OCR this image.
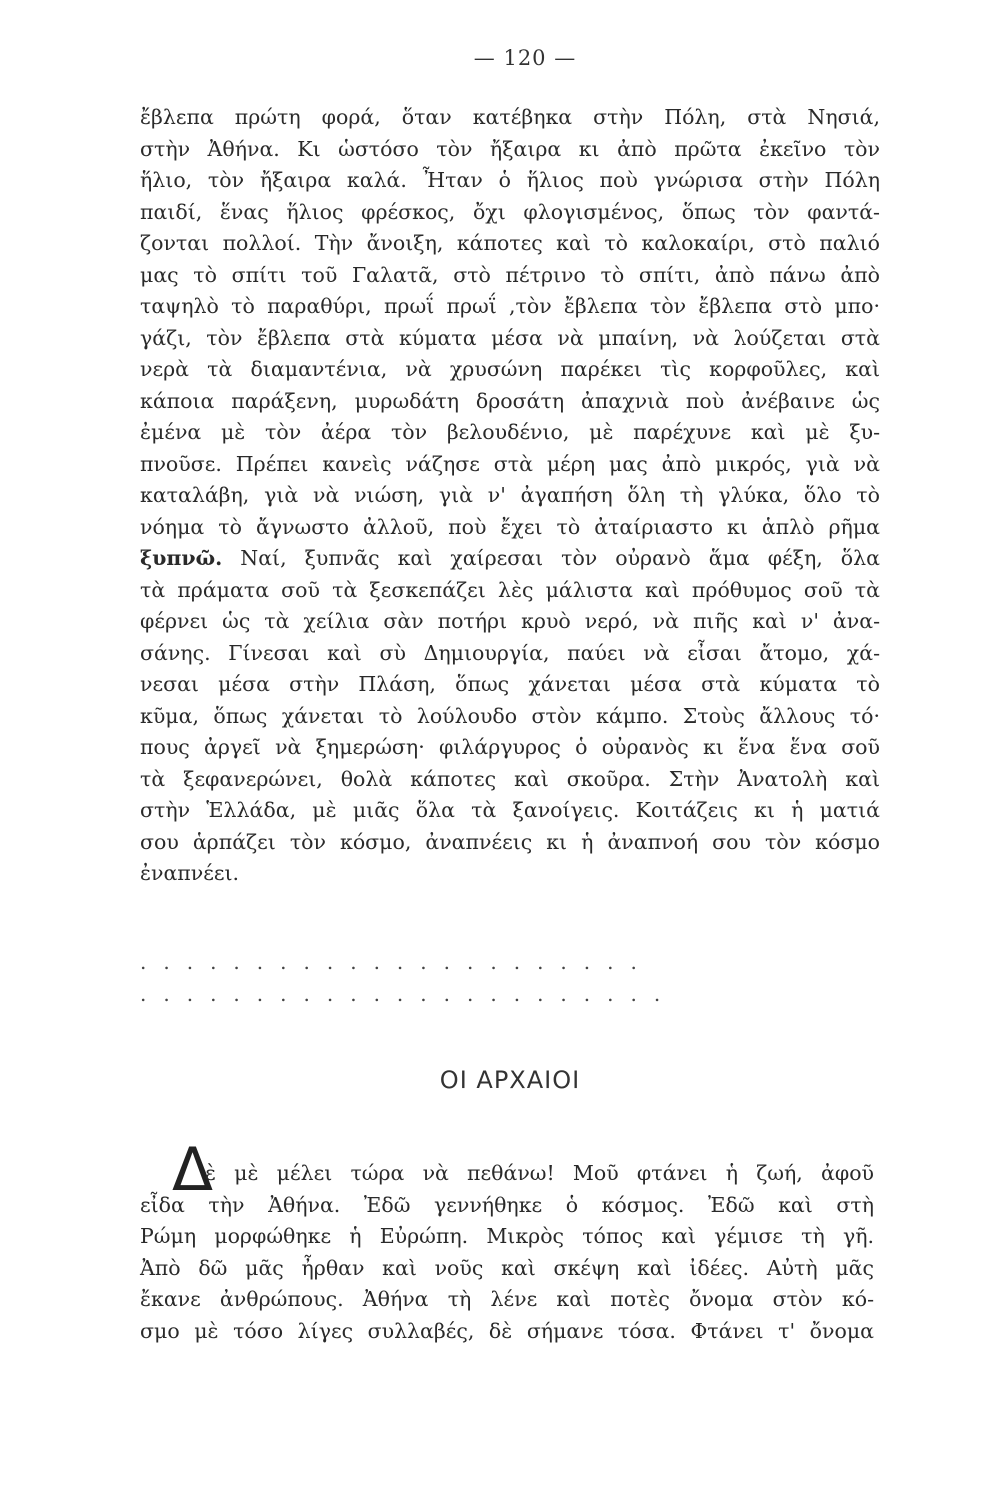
— 120 —
ἔβλεπα πρώτη φορά, ὅταν κατέβηκα στὴν Πόλη, στὰ Νησιά,
στὴν Ἀθήνα. Κι ὡστόσο τὸν ἤξαιρα κι ἀπὸ πρῶτα ἐκεῖνο τὸν
ἥλιο, τὸν ἤξαιρα καλά. Ἦταν ὁ ἥλιος ποὺ γνώρισα στὴν Πόλη
παιδί, ἕνας ἥλιος φρέσκος, ὄχι φλογισμένος, ὅπως τὸν φαντά-
ζονται πολλοί. Τὴν ἄνοιξη, κάποτες καὶ τὸ καλοκαίρι, στὸ παλιό
μας τὸ σπίτι τοῦ Γαλατᾶ, στὸ πέτρινο τὸ σπίτι, ἀπὸ πάνω ἀπὸ
ταψηλὸ τὸ παραθύρι, πρωΐ πρωΐ ,τὸν ἔβλεπα τὸν ἔβλεπα στὸ μπο·
γάζι, τὸν ἔβλεπα στὰ κύματα μέσα νὰ μπαίνη, νὰ λούζεται στὰ
νερὰ τὰ διαμαντένια, νὰ χρυσώνη παρέκει τὶς κορφοῦλες, καὶ
κάποια παράξενη, μυρωδάτη δροσάτη ἀπαχνιὰ ποὺ ἀνέβαινε ὡς
ἐμένα μὲ τὸν ἀέρα τὸν βελουδένιο, μὲ παρέχυνε καὶ μὲ ξυ-
πνοῦσε. Πρέπει κανεὶς νάζησε στὰ μέρη μας ἀπὸ μικρός, γιὰ νὰ
καταλάβη, γιὰ νὰ νιώση, γιὰ ν' ἀγαπήση ὅλη τὴ γλύκα, ὅλο τὸ
νόημα τὸ ἄγνωστο ἀλλοῦ, ποὺ ἔχει τὸ ἀταίριαστο κι ἁπλὸ ρῆμα
ξυπνῶ. Ναί, ξυπνᾶς καὶ χαίρεσαι τὸν οὐρανὸ ἅμα φέξη, ὅλα
τὰ πράματα σοῦ τὰ ξεσκεπάζει λὲς μάλιστα καὶ πρόθυμος σοῦ τὰ
φέρνει ὡς τὰ χείλια σὰν ποτήρι κρυὸ νερό, νὰ πιῆς καὶ ν' ἀνα-
σάνης. Γίνεσαι καὶ σὺ Δημιουργία, παύει νὰ εἶσαι ἄτομο, χά-
νεσαι μέσα στὴν Πλάση, ὅπως χάνεται μέσα στὰ κύματα τὸ
κῦμα, ὅπως χάνεται τὸ λούλουδο στὸν κάμπο. Στοὺς ἄλλους τό·
πους ἀργεῖ νὰ ξημερώση· φιλάργυρος ὁ οὐρανὸς κι ἕνα ἕνα σοῦ
τὰ ξεφανερώνει, θολὰ κάποτες καὶ σκοῦρα. Στὴν Ἀνατολὴ καὶ
στὴν Ἑλλάδα, μὲ μιᾶς ὅλα τὰ ξανοίγεις. Κοιτάζεις κι ἡ ματιά
σου ἁρπάζει τὸν κόσμο, ἀναπνέεις κι ἡ ἀναπνοή σου τὸν κόσμο
ἐναπνέει.
......................
.......................
ΟΙ ΑΡΧΑΙΟΙ
Δ
ὲ μὲ μέλει τώρα νὰ πεθάνω! Μοῦ φτάνει ἡ ζωή, ἀφοῦ
εἶδα τὴν Ἀθήνα. Ἐδῶ γεννήθηκε ὁ κόσμος. Ἐδῶ καὶ στὴ
Ρώμη μορφώθηκε ἡ Εὐρώπη. Μικρὸς τόπος καὶ γέμισε τὴ γῆ.
Ἀπὸ δῶ μᾶς ἦρθαν καὶ νοῦς καὶ σκέψη καὶ ἰδέες. Αὐτὴ μᾶς
ἔκανε ἀνθρώπους. Ἀθήνα τὴ λένε καὶ ποτὲς ὄνομα στὸν κό-
σμο μὲ τόσο λίγες συλλαβές, δὲ σήμανε τόσα. Φτάνει τ' ὄνομα
